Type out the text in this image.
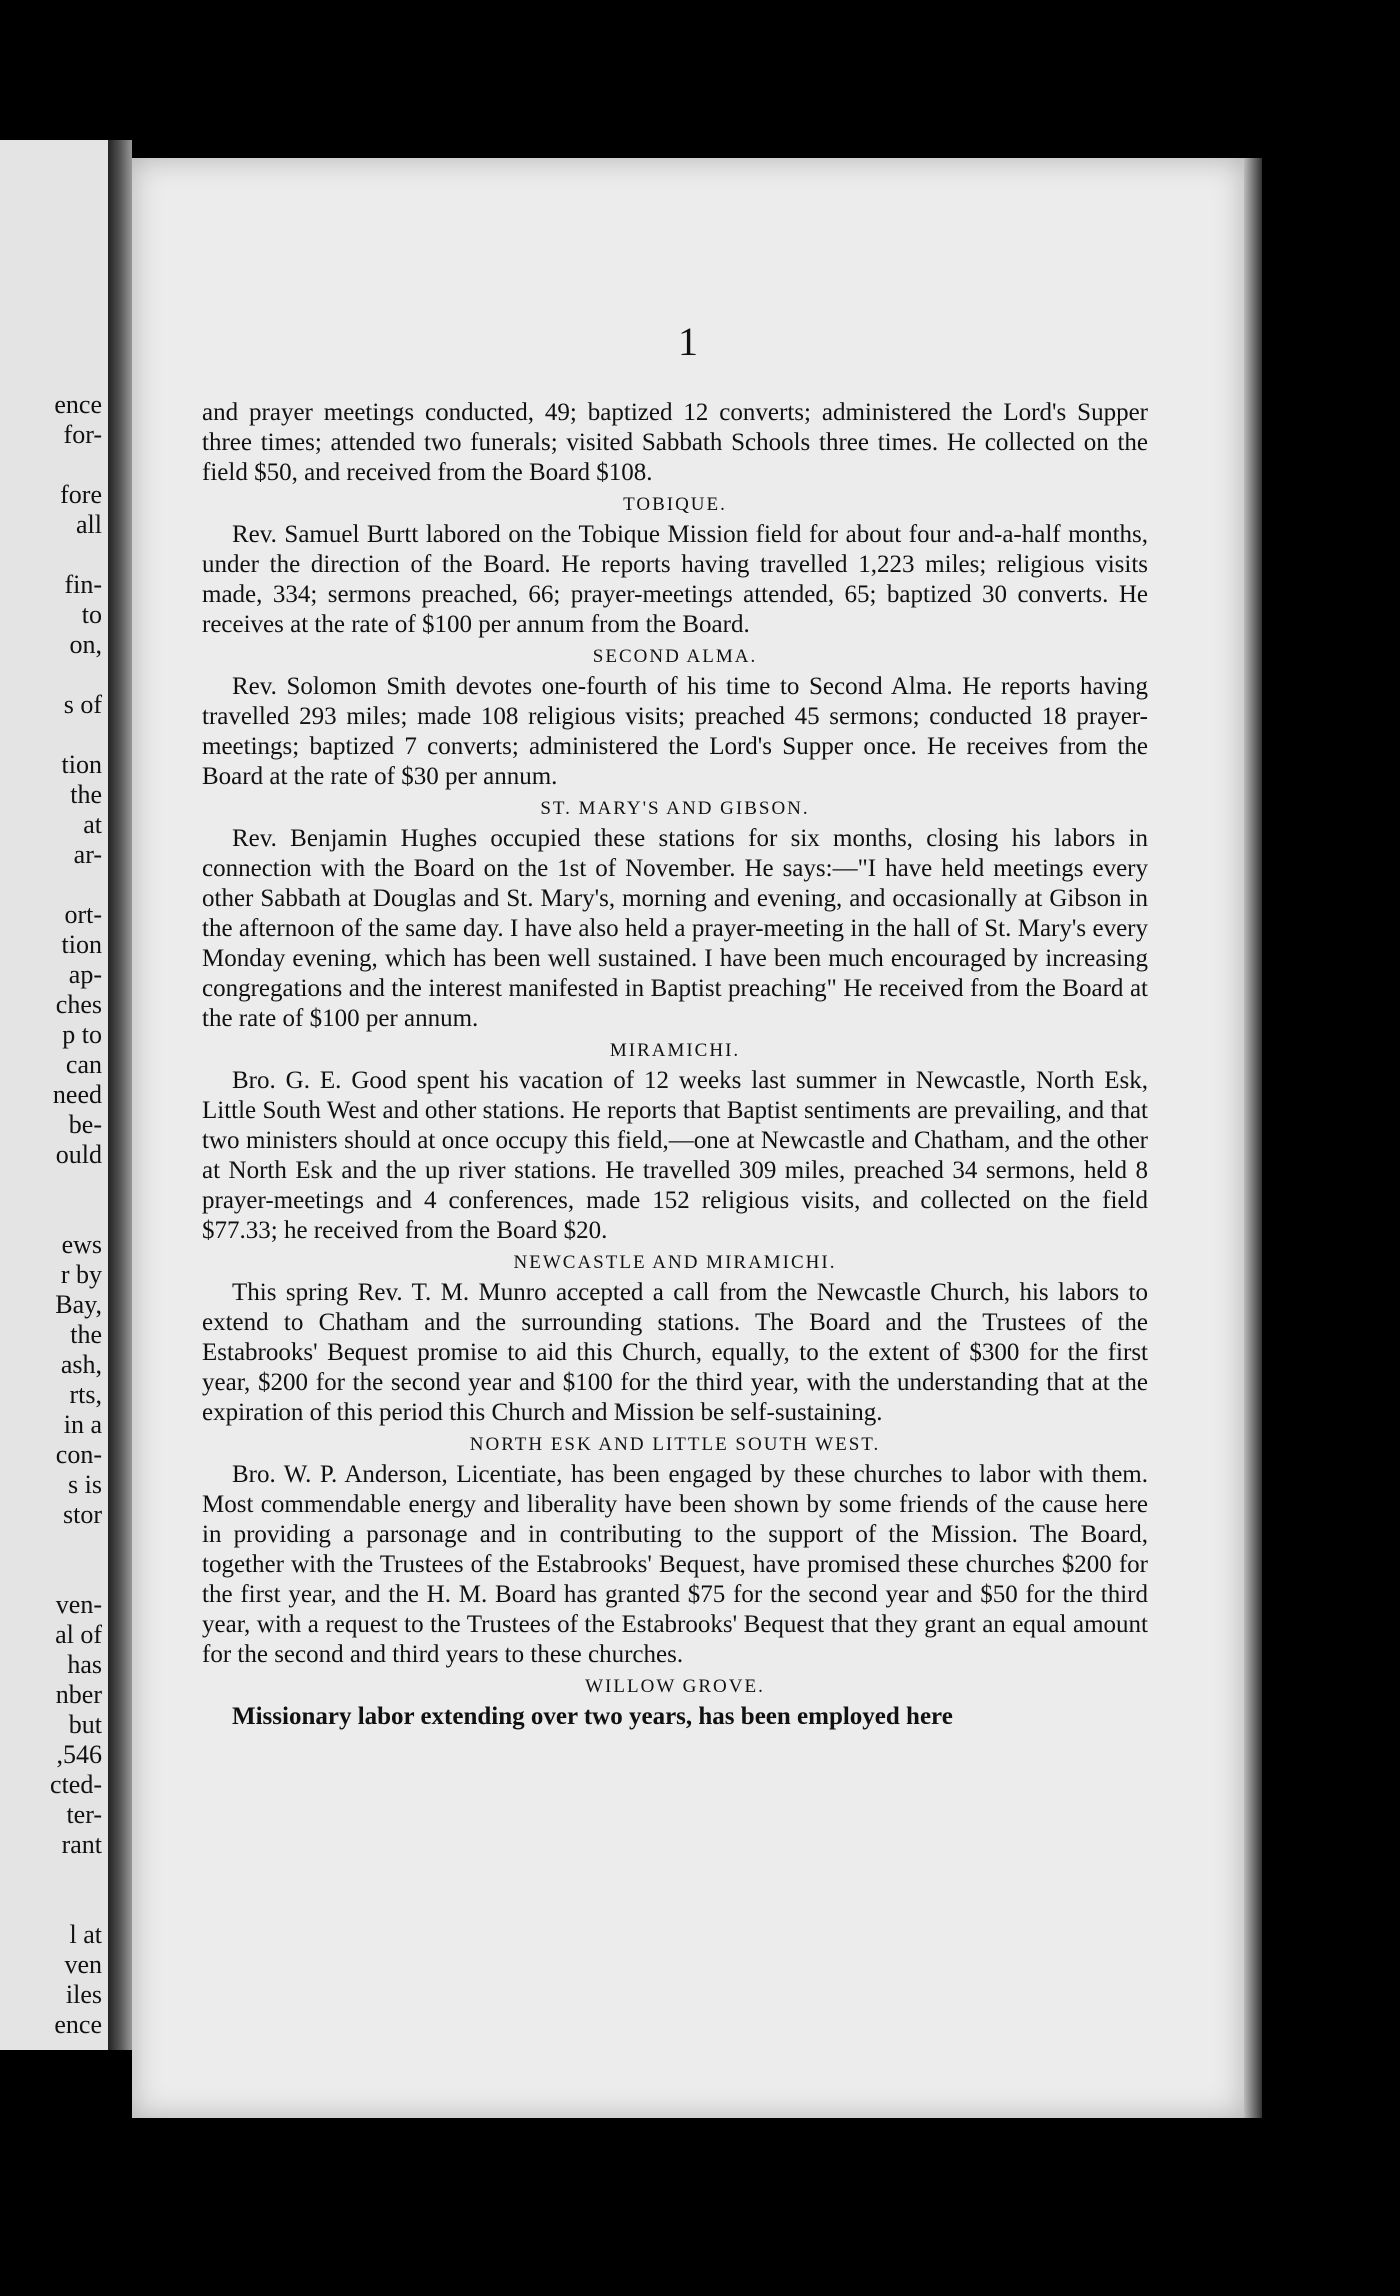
ence
for-
fore
all
fin-
to
on,
s of
tion
the
at
ar-
ort-
tion
ap-
ches
p to
can
need
be-
ould
ews
r by
Bay,
the
ash,
rts,
in a
con-
s is
stor
ven-
al of
has
nber
but
,546
cted-
ter-
rant
l at
ven
iles
ence
1

and prayer meetings conducted, 49; baptized 12 converts; administered the Lord's Supper three times; attended two funerals; visited Sabbath Schools three times. He collected on the field $50, and received from the Board $108.

TOBIQUE.

Rev. Samuel Burtt labored on the Tobique Mission field for about four and-a-half months, under the direction of the Board. He reports having travelled 1,223 miles; religious visits made, 334; sermons preached, 66; prayer-meetings attended, 65; baptized 30 converts. He receives at the rate of $100 per annum from the Board.

SECOND ALMA.

Rev. Solomon Smith devotes one-fourth of his time to Second Alma. He reports having travelled 293 miles; made 108 religious visits; preached 45 sermons; conducted 18 prayer-meetings; baptized 7 converts; administered the Lord's Supper once. He receives from the Board at the rate of $30 per annum.

ST. MARY'S AND GIBSON.

Rev. Benjamin Hughes occupied these stations for six months, closing his labors in connection with the Board on the 1st of November. He says:—"I have held meetings every other Sabbath at Douglas and St. Mary's, morning and evening, and occasionally at Gibson in the afternoon of the same day. I have also held a prayer-meeting in the hall of St. Mary's every Monday evening, which has been well sustained. I have been much encouraged by increasing congregations and the interest manifested in Baptist preaching" He received from the Board at the rate of $100 per annum.

MIRAMICHI.

Bro. G. E. Good spent his vacation of 12 weeks last summer in Newcastle, North Esk, Little South West and other stations. He reports that Baptist sentiments are prevailing, and that two ministers should at once occupy this field,—one at Newcastle and Chatham, and the other at North Esk and the up river stations. He travelled 309 miles, preached 34 sermons, held 8 prayer-meetings and 4 conferences, made 152 religious visits, and collected on the field $77.33; he received from the Board $20.

NEWCASTLE AND MIRAMICHI.

This spring Rev. T. M. Munro accepted a call from the Newcastle Church, his labors to extend to Chatham and the surrounding stations. The Board and the Trustees of the Estabrooks' Bequest promise to aid this Church, equally, to the extent of $300 for the first year, $200 for the second year and $100 for the third year, with the understanding that at the expiration of this period this Church and Mission be self-sustaining.

NORTH ESK AND LITTLE SOUTH WEST.

Bro. W. P. Anderson, Licentiate, has been engaged by these churches to labor with them. Most commendable energy and liberality have been shown by some friends of the cause here in providing a parsonage and in contributing to the support of the Mission. The Board, together with the Trustees of the Estabrooks' Bequest, have promised these churches $200 for the first year, and the H. M. Board has granted $75 for the second year and $50 for the third year, with a request to the Trustees of the Estabrooks' Bequest that they grant an equal amount for the second and third years to these churches.

WILLOW GROVE.

Missionary labor extending over two years, has been employed here
